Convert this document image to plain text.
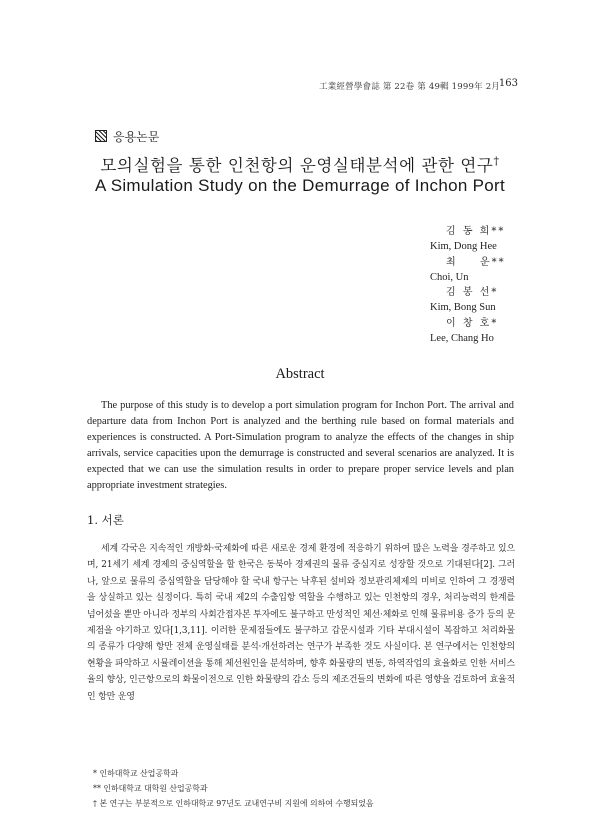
工業經營學會誌 第 22卷 第 49輯 1999年 2月
163
응용논문
모의실험을 통한 인천항의 운영실태분석에 관한 연구†
A Simulation Study on the Demurrage of Inchon Port
김 동 희**
Kim, Dong Hee
최 　 운**
Choi, Un
김 봉 선*
Kim, Bong Sun
이 창 호*
Lee, Chang Ho
Abstract
The purpose of this study is to develop a port simulation program for Inchon Port. The arrival and departure data from Inchon Port is analyzed and the berthing rule based on formal materials and experiences is constructed. A Port-Simulation program to analyze the effects of the changes in ship arrivals, service capacities upon the demurrage is constructed and several scenarios are analyzed. It is expected that we can use the simulation results in order to prepare proper service levels and plan appropriate investment strategies.
1. 서론
세계 각국은 지속적인 개방화·국제화에 따른 새로운 경제 환경에 적응하기 위하여 많은 노력을 경주하고 있으며, 21세기 세계 경제의 중심역할을 할 한국은 동북아 경제권의 물류 중심지로 성장할 것으로 기대된다[2]. 그러나, 앞으로 물류의 중심역할을 담당해야 할 국내 항구는 낙후된 설비와 정보관리체제의 미비로 인하여 그 경쟁력을 상실하고 있는 실정이다. 특히 국내 제2의 수출입항 역할을 수행하고 있는 인천항의 경우, 처리능력의 한계를 넘어섰을 뿐만 아니라 정부의 사회간접자본 투자에도 불구하고 만성적인 체선·체화로 인해 물류비용 증가 등의 문제점을 야기하고 있다[1,3,11]. 이러한 문제점들에도 불구하고 갑문시설과 기타 부대시설이 복잡하고 처리화물의 종류가 다양해 항만 전체 운영실태를 분석·개선하려는 연구가 부족한 것도 사실이다. 본 연구에서는 인천항의 현황을 파악하고 시뮬레이션을 통해 체선원인을 분석하며, 향후 화물량의 변동, 하역작업의 효율화로 인한 서비스율의 향상, 인근항으로의 화물이전으로 인한 화물량의 감소 등의 제조건들의 변화에 따른 영향을 검토하여 효율적인 항만 운영
* 인하대학교 산업공학과
** 인하대학교 대학원 산업공학과
† 본 연구는 부분적으로 인하대학교 97년도 교내연구비 지원에 의하여 수행되었음
